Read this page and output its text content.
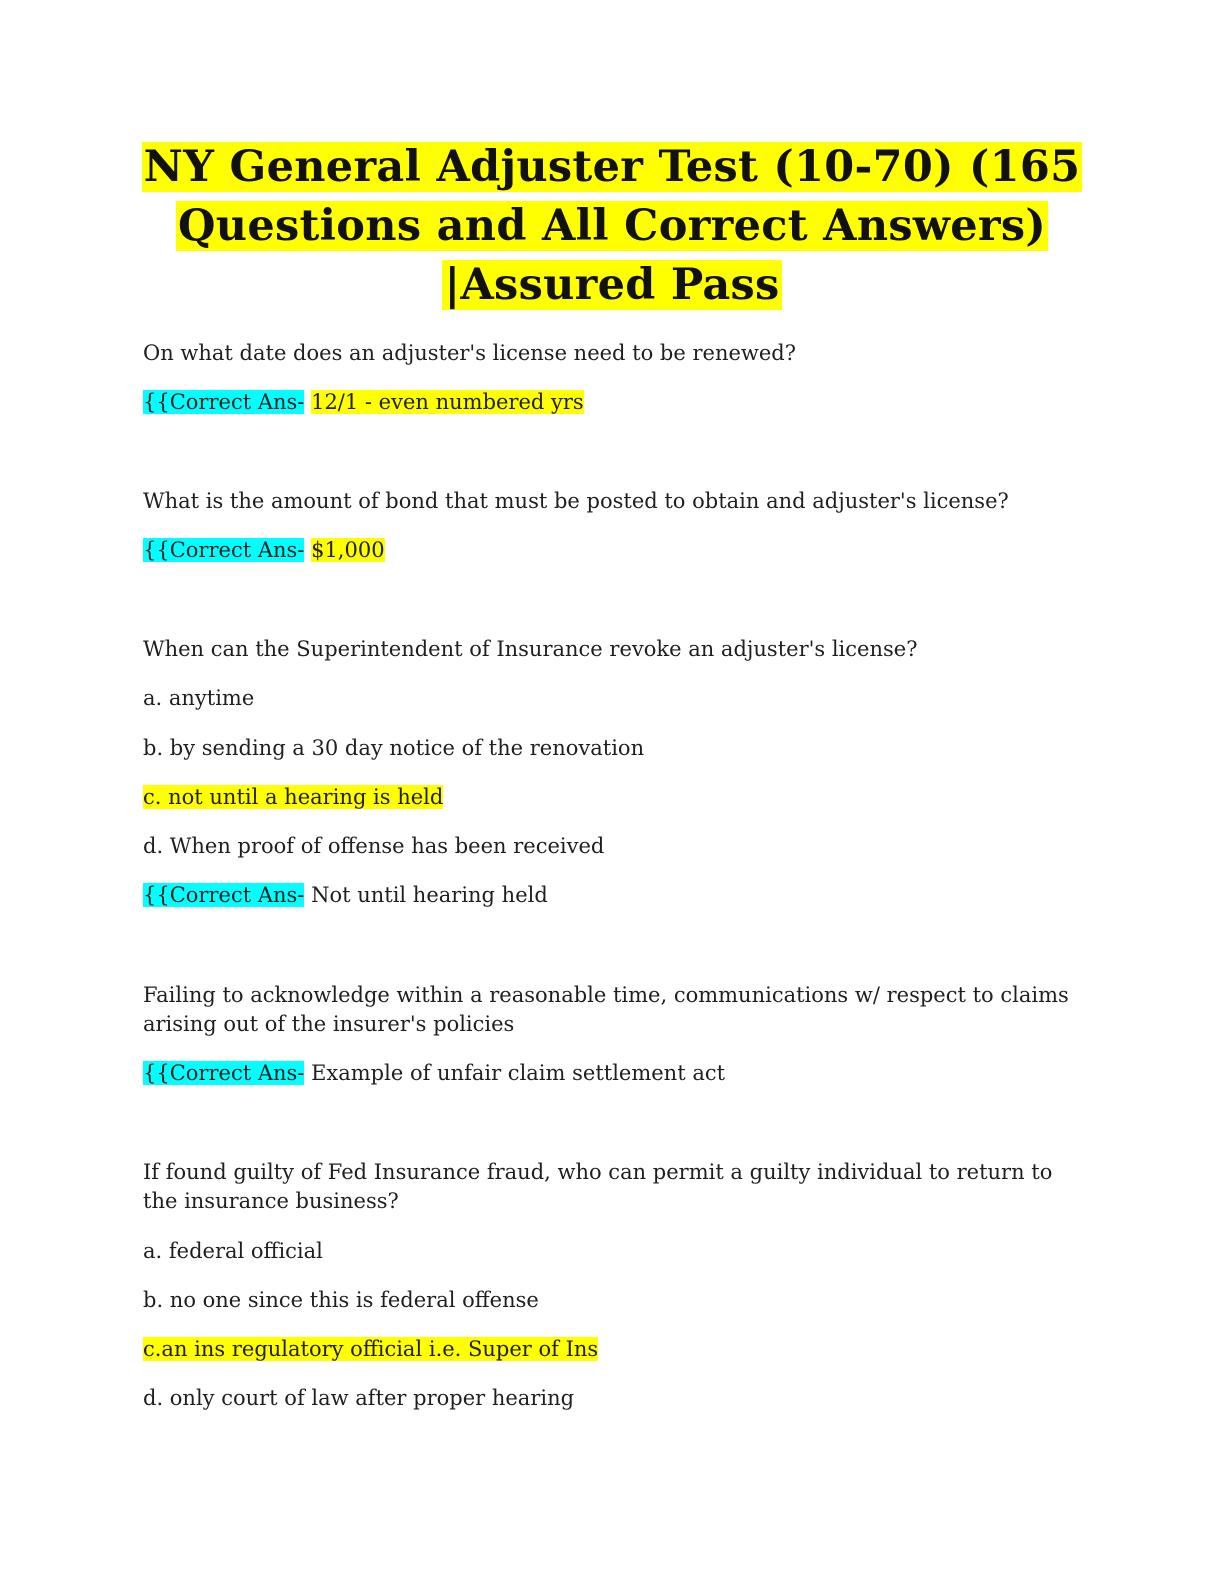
NY General Adjuster Test (10-70) (165
Questions and All Correct Answers)
|Assured Pass
On what date does an adjuster's license need to be renewed?
{{Correct Ans- 12/1 - even numbered yrs
What is the amount of bond that must be posted to obtain and adjuster's license?
{{Correct Ans- $1,000
When can the Superintendent of Insurance revoke an adjuster's license?
a. anytime
b. by sending a 30 day notice of the renovation
c. not until a hearing is held
d. When proof of offense has been received
{{Correct Ans- Not until hearing held
Failing to acknowledge within a reasonable time, communications w/ respect to claims
arising out of the insurer's policies
{{Correct Ans- Example of unfair claim settlement act
If found guilty of Fed Insurance fraud, who can permit a guilty individual to return to
the insurance business?
a. federal official
b. no one since this is federal offense
c.an ins regulatory official i.e. Super of Ins
d. only court of law after proper hearing
